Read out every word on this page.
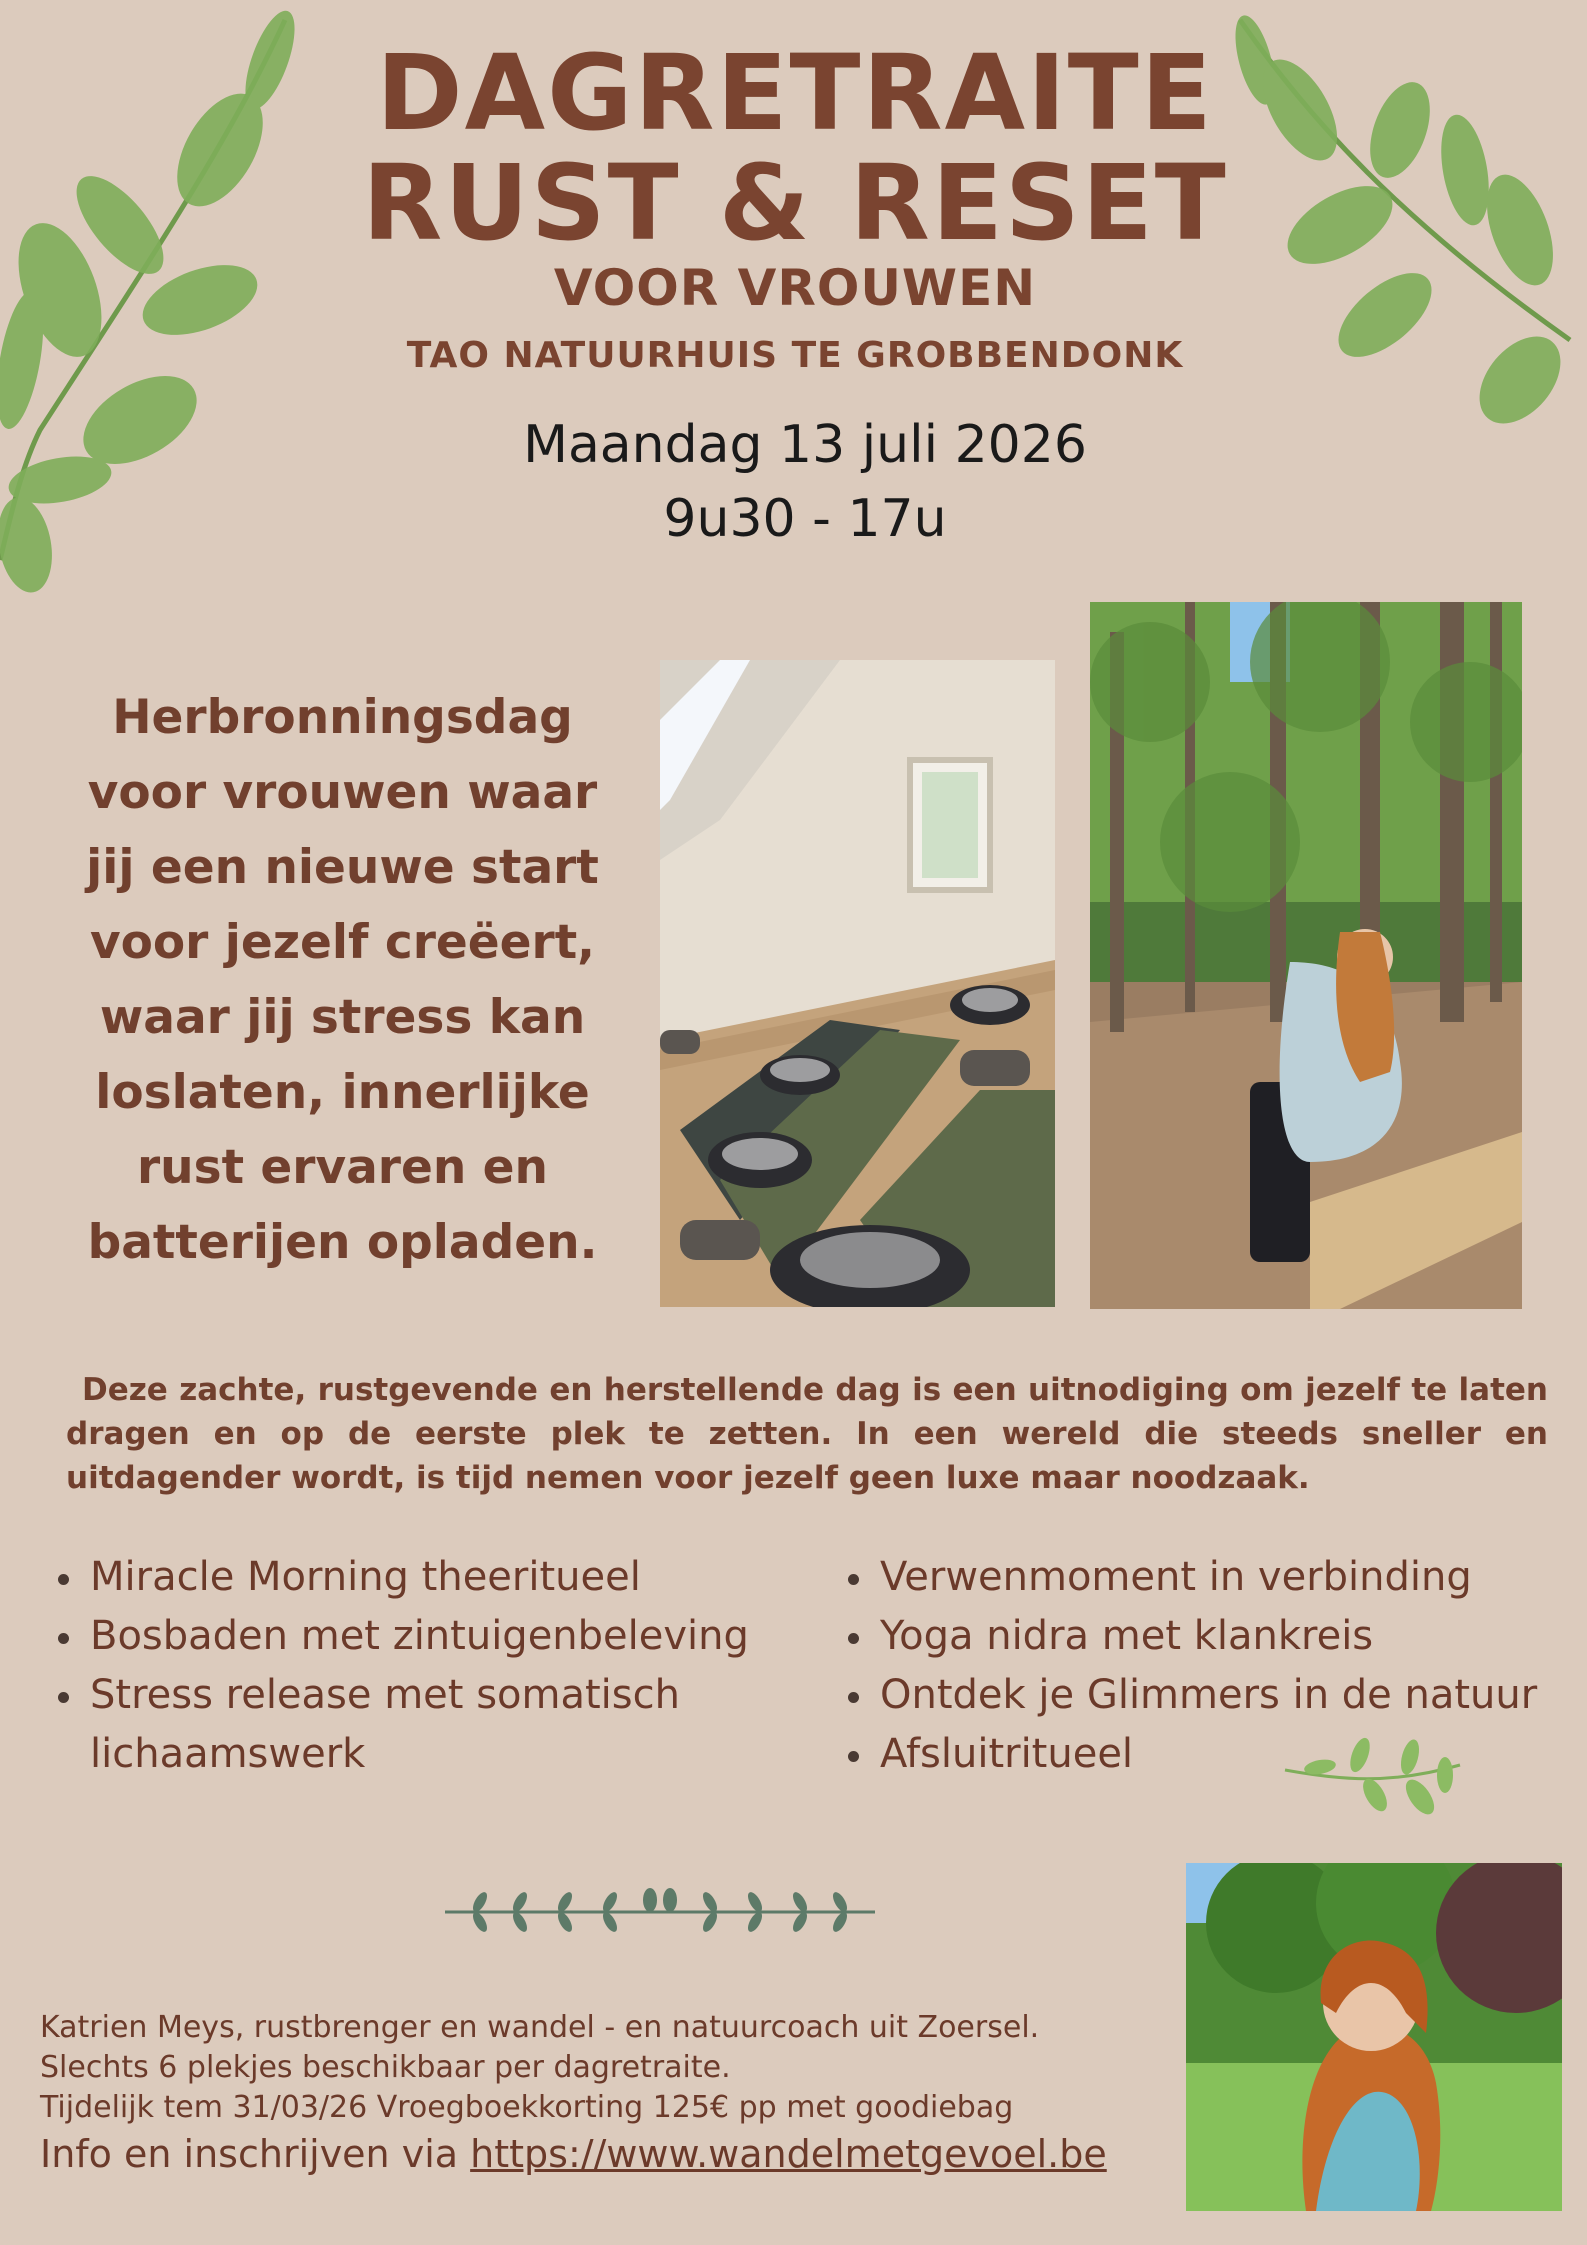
DAGRETRAITE
RUST & RESET
VOOR VROUWEN
TAO NATUURHUIS TE GROBBENDONK
Maandag 13 juli 2026
9u30 - 17u
Herbronningsdag voor vrouwen waar jij een nieuwe start voor jezelf creëert, waar jij stress kan loslaten, innerlijke rust ervaren en batterijen opladen.
Deze zachte, rustgevende en herstellende dag is een uitnodiging om jezelf te laten dragen en op de eerste plek te zetten. In een wereld die steeds sneller en uitdagender wordt, is tijd nemen voor jezelf geen luxe maar noodzaak.
Miracle Morning theeritueel
Bosbaden met zintuigenbeleving
Stress release met somatisch lichaamswerk
Verwenmoment in verbinding
Yoga nidra met klankreis
Ontdek je Glimmers in de natuur
Afsluitritueel
Katrien Meys, rustbrenger en wandel - en natuurcoach uit Zoersel.
Slechts 6 plekjes beschikbaar per dagretraite.
Tijdelijk tem 31/03/26 Vroegboekkorting 125€ pp met goodiebag
Info en inschrijven via https://www.wandelmetgevoel.be
